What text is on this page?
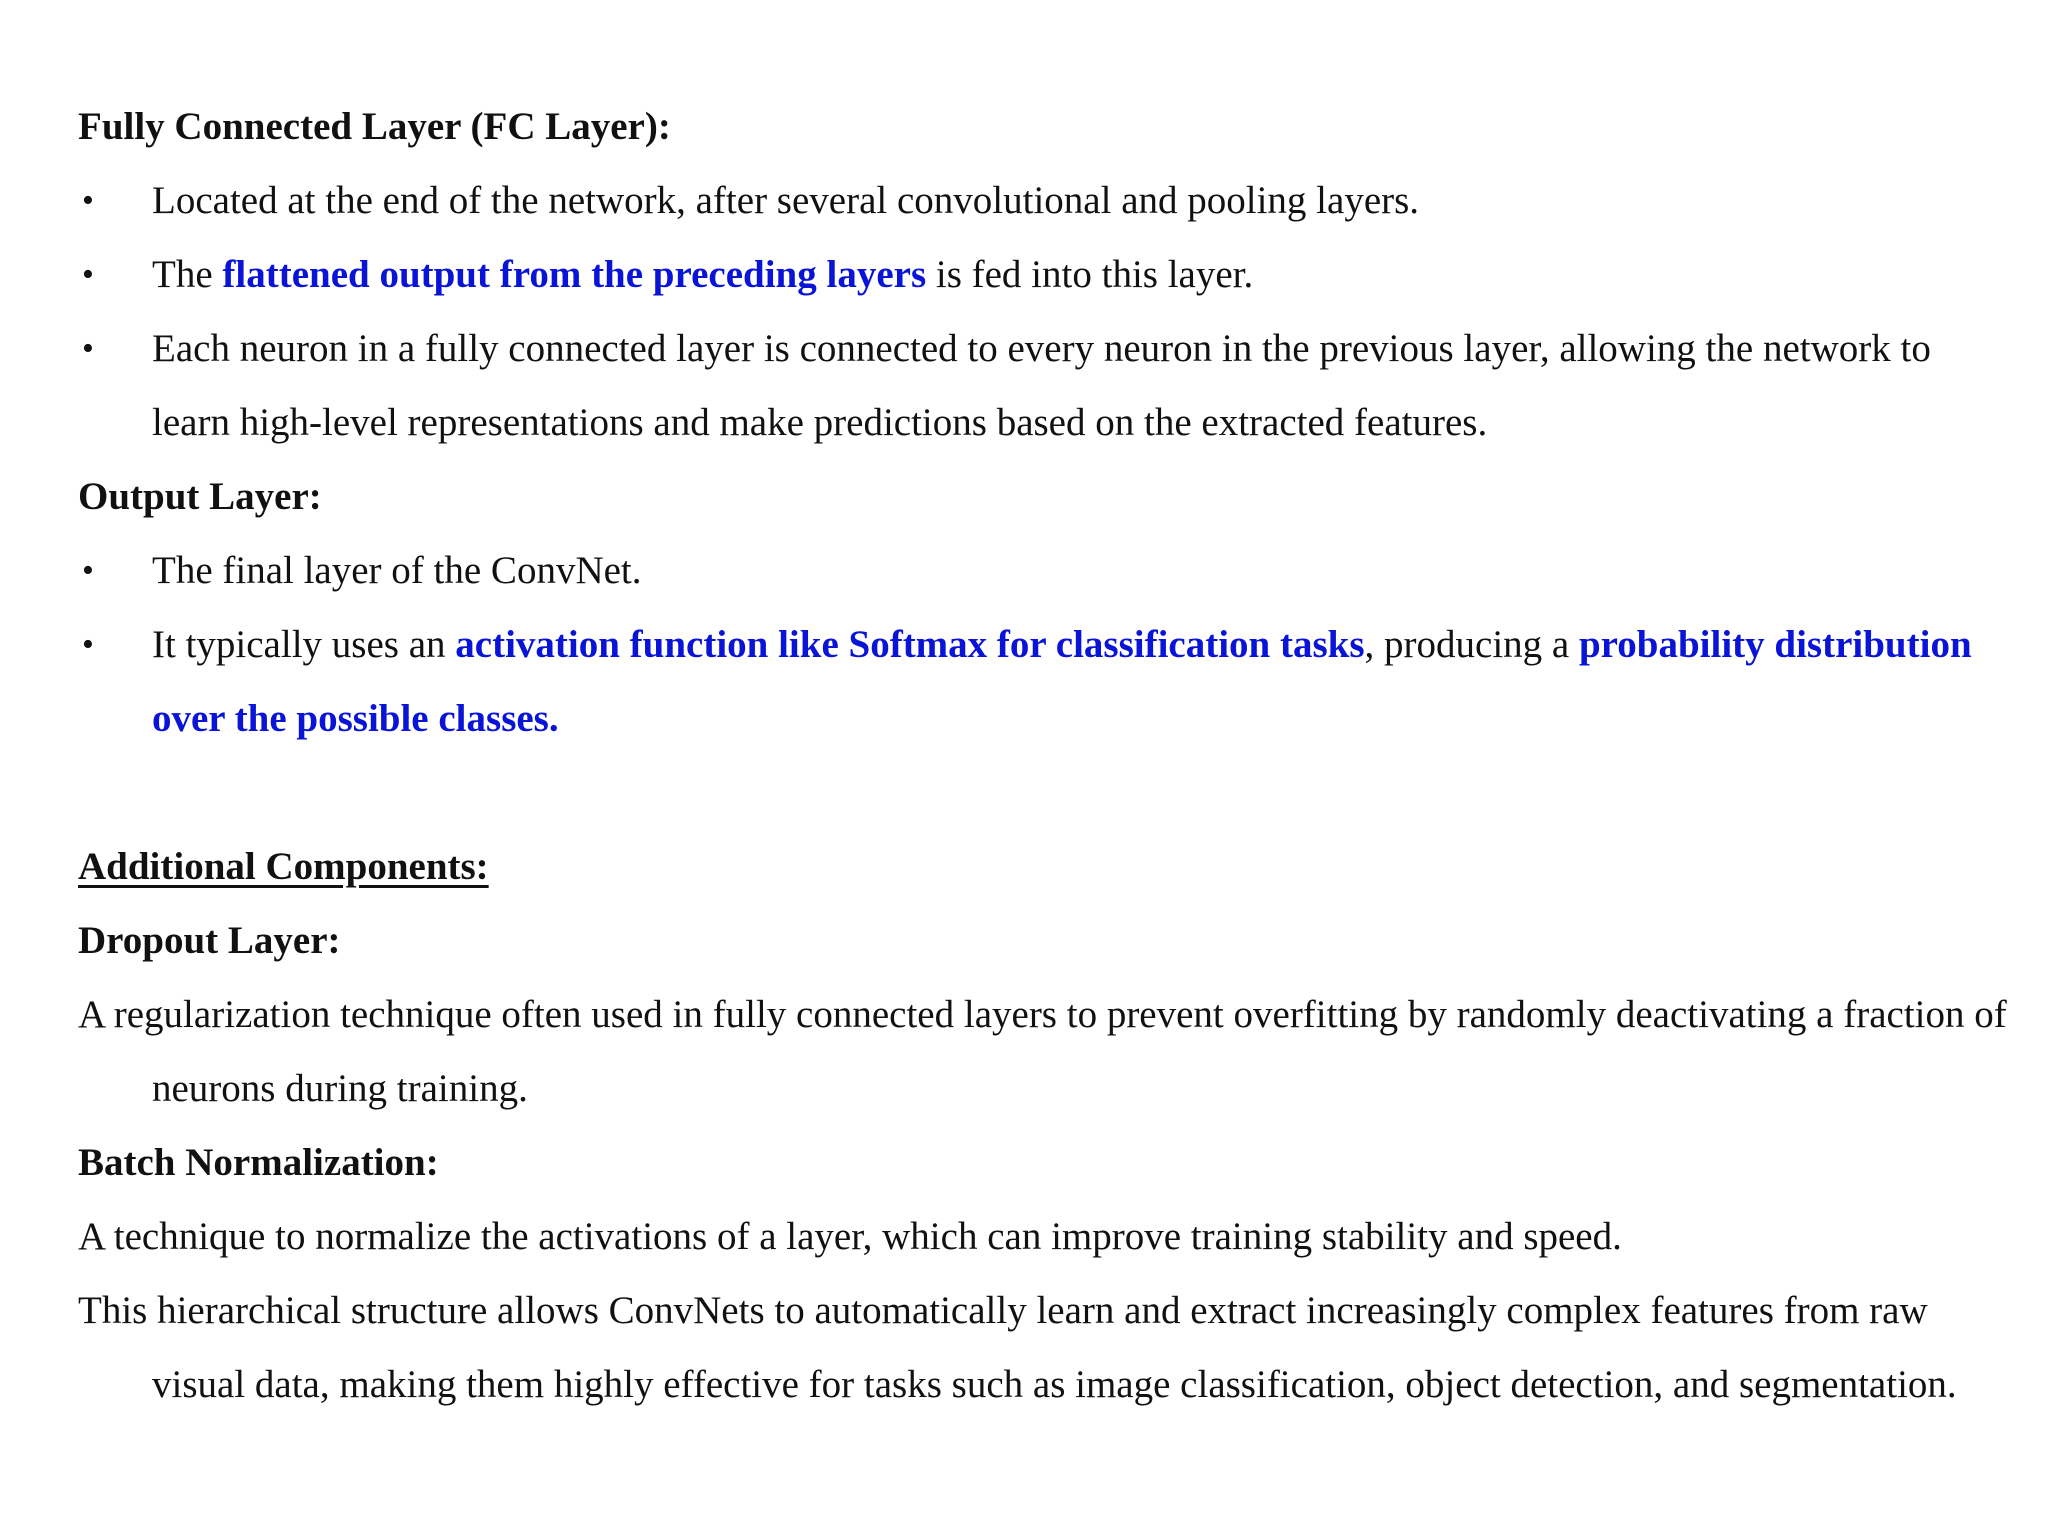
Fully Connected Layer (FC Layer):
• Located at the end of the network, after several convolutional and pooling layers.
• The flattened output from the preceding layers is fed into this layer.
• Each neuron in a fully connected layer is connected to every neuron in the previous layer, allowing the network to learn high-level representations and make predictions based on the extracted features.
Output Layer:
• The final layer of the ConvNet.
• It typically uses an activation function like Softmax for classification tasks, producing a probability distribution over the possible classes.
Additional Components:
Dropout Layer:
A regularization technique often used in fully connected layers to prevent overfitting by randomly deactivating a fraction of neurons during training.
Batch Normalization:
A technique to normalize the activations of a layer, which can improve training stability and speed.
This hierarchical structure allows ConvNets to automatically learn and extract increasingly complex features from raw visual data, making them highly effective for tasks such as image classification, object detection, and segmentation.
